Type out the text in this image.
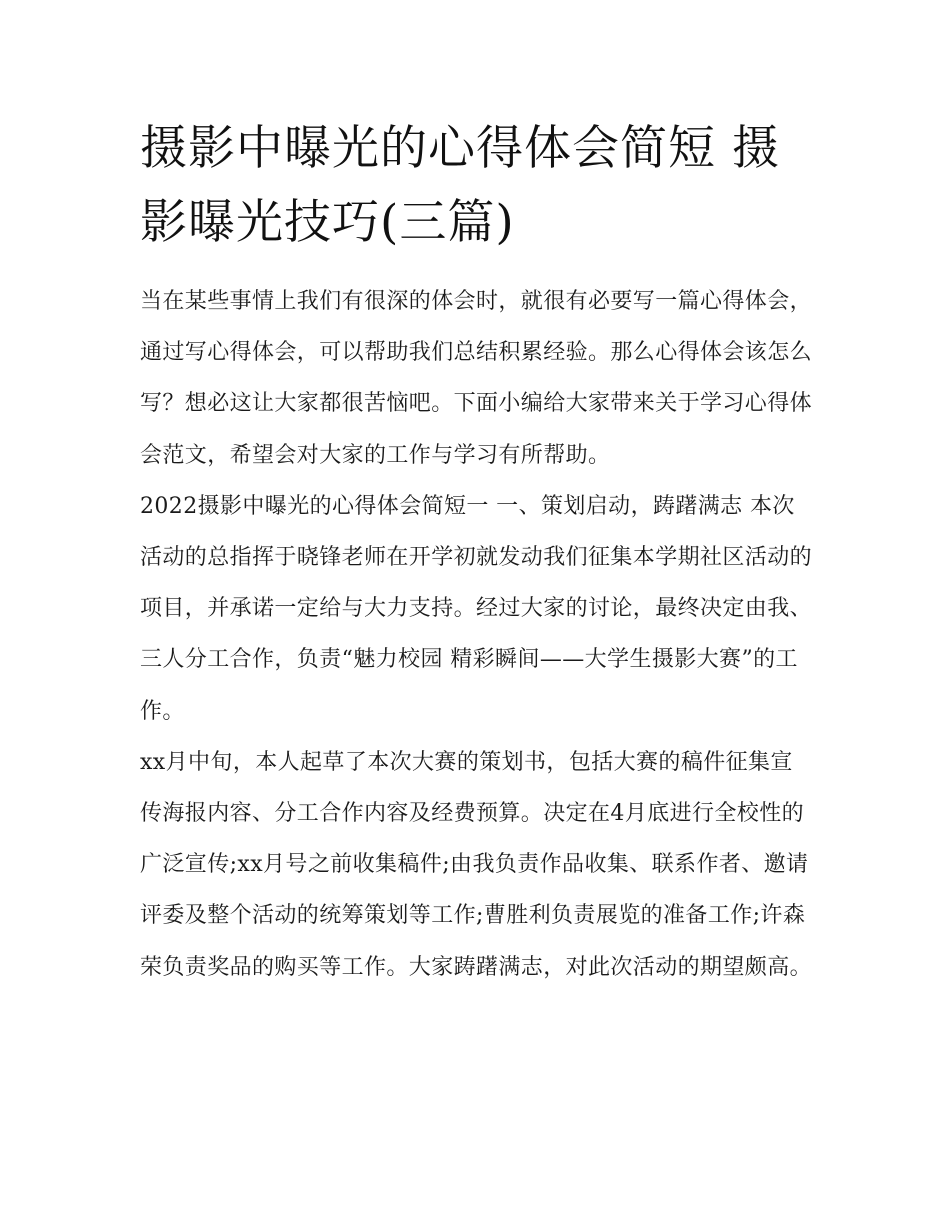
摄影中曝光的心得体会简短 摄影曝光技巧(三篇)

当在某些事情上我们有很深的体会时，就很有必要写一篇心得体会，通过写心得体会，可以帮助我们总结积累经验。那么心得体会该怎么写？想必这让大家都很苦恼吧。下面小编给大家带来关于学习心得体会范文，希望会对大家的工作与学习有所帮助。

2022摄影中曝光的心得体会简短一 一、策划启动，踌躇满志 本次活动的总指挥于晓锋老师在开学初就发动我们征集本学期社区活动的项目，并承诺一定给与大力支持。经过大家的讨论，最终决定由我、三人分工合作，负责“魅力校园 精彩瞬间——大学生摄影大赛”的工作。

xx月中旬，本人起草了本次大赛的策划书，包括大赛的稿件征集宣传海报内容、分工合作内容及经费预算。决定在4月底进行全校性的广泛宣传;xx月号之前收集稿件;由我负责作品收集、联系作者、邀请评委及整个活动的统筹策划等工作;曹胜利负责展览的准备工作;许森荣负责奖品的购买等工作。大家踌躇满志，对此次活动的期望颇高。
